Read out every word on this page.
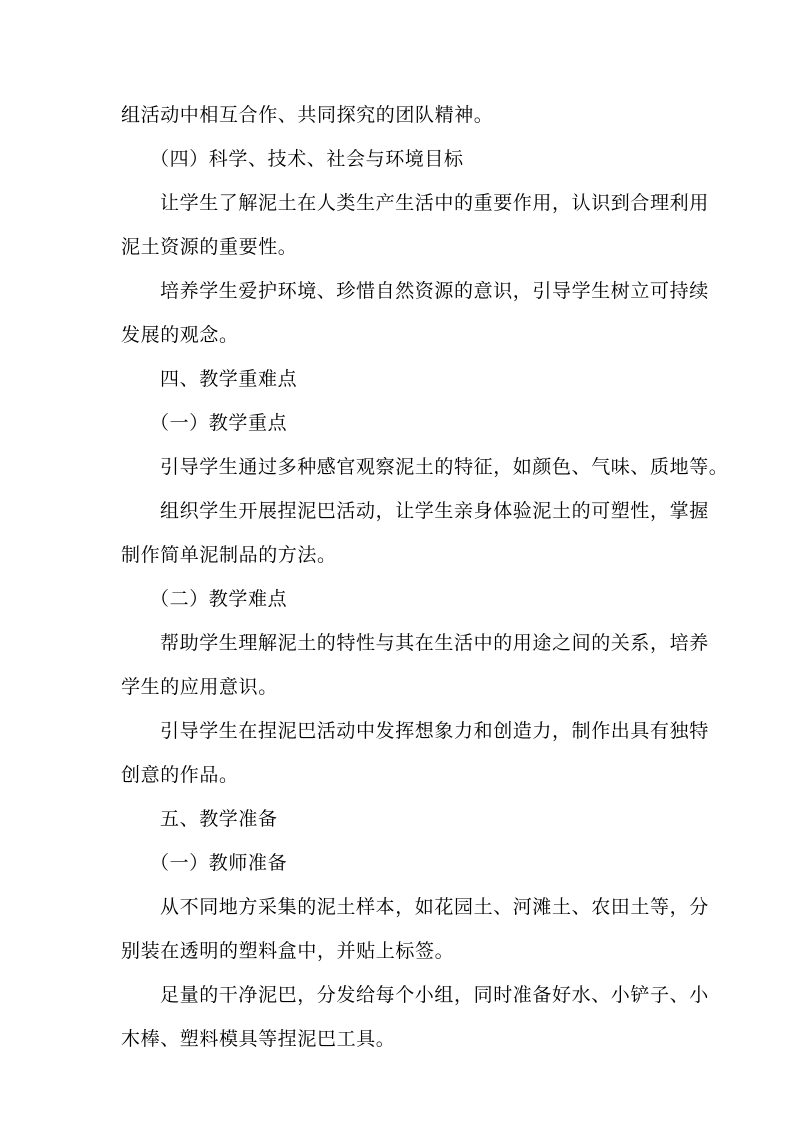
组活动中相互合作、共同探究的团队精神。
（四）科学、技术、社会与环境目标
让学生了解泥土在人类生产生活中的重要作用，认识到合理利用
泥土资源的重要性。
培养学生爱护环境、珍惜自然资源的意识，引导学生树立可持续
发展的观念。
四、教学重难点
（一）教学重点
引导学生通过多种感官观察泥土的特征，如颜色、气味、质地等。
组织学生开展捏泥巴活动，让学生亲身体验泥土的可塑性，掌握
制作简单泥制品的方法。
（二）教学难点
帮助学生理解泥土的特性与其在生活中的用途之间的关系，培养
学生的应用意识。
引导学生在捏泥巴活动中发挥想象力和创造力，制作出具有独特
创意的作品。
五、教学准备
（一）教师准备
从不同地方采集的泥土样本，如花园土、河滩土、农田土等，分
别装在透明的塑料盒中，并贴上标签。
足量的干净泥巴，分发给每个小组，同时准备好水、小铲子、小
木棒、塑料模具等捏泥巴工具。
